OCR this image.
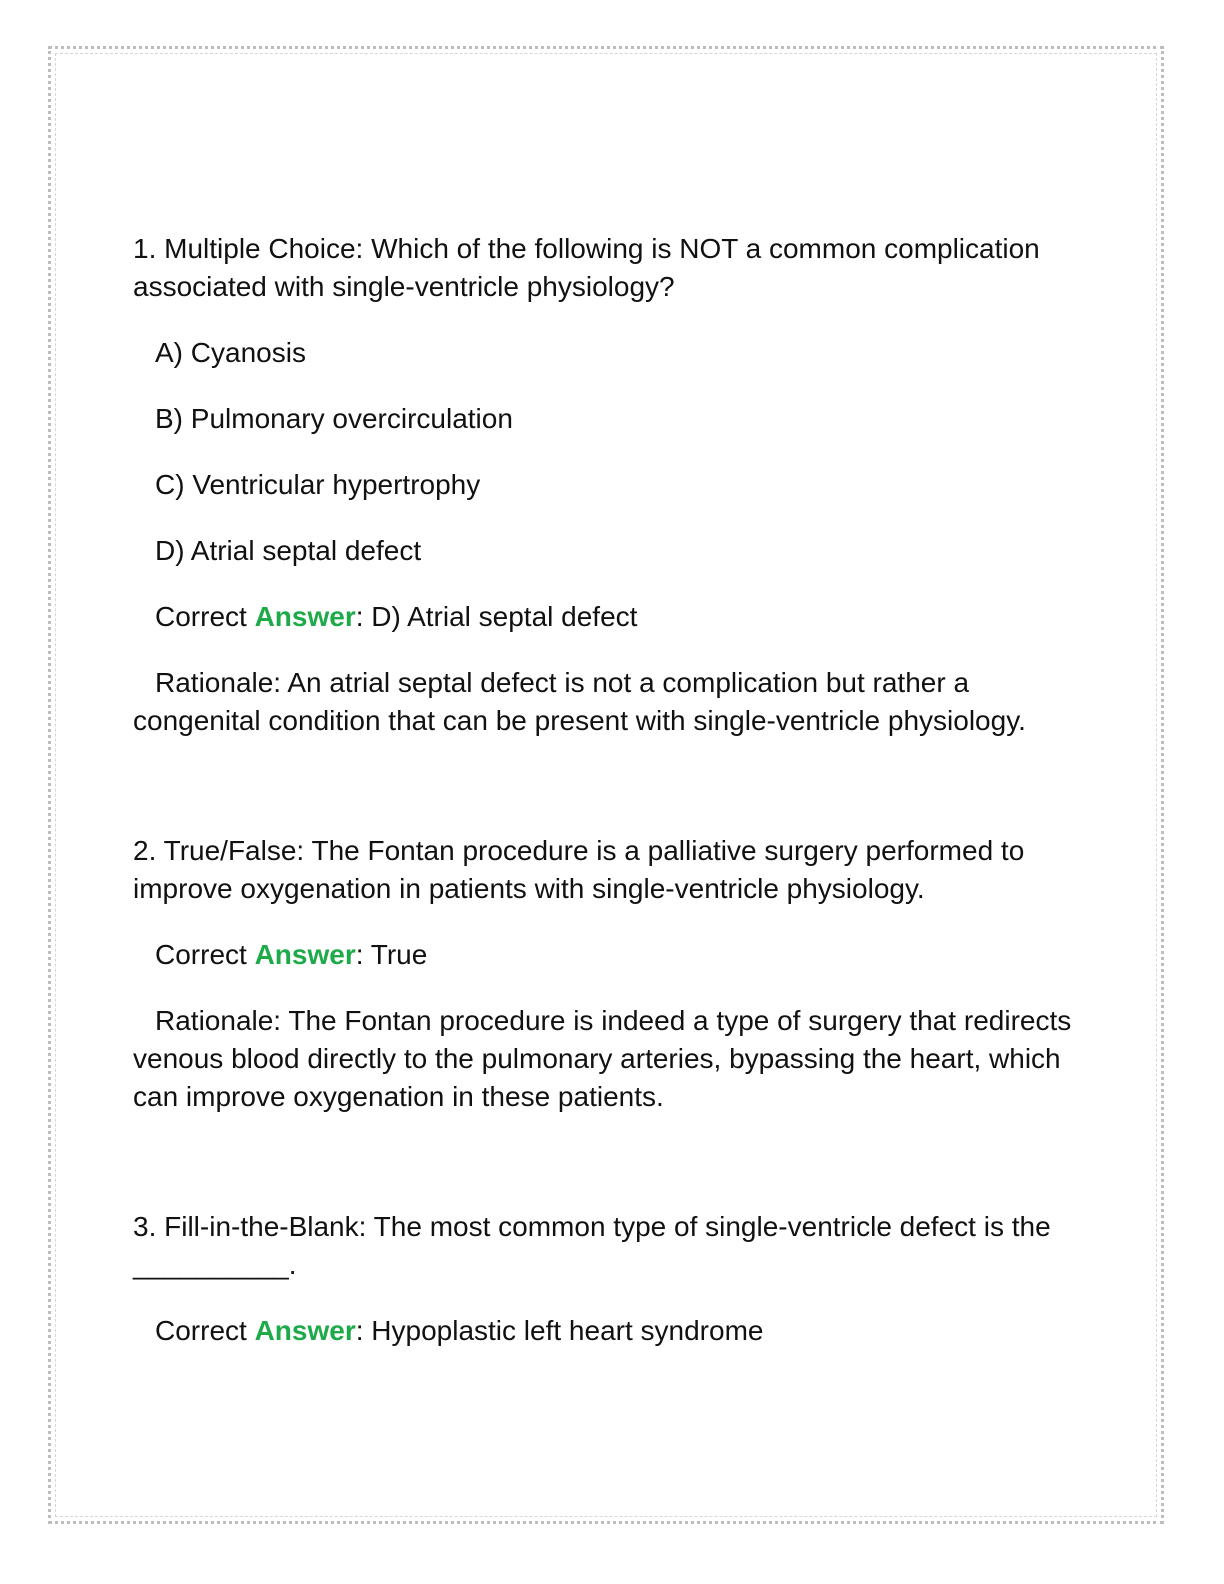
1. Multiple Choice: Which of the following is NOT a common complication associated with single-ventricle physiology?

A) Cyanosis

B) Pulmonary overcirculation

C) Ventricular hypertrophy

D) Atrial septal defect

Correct Answer: D) Atrial septal defect

Rationale: An atrial septal defect is not a complication but rather a congenital condition that can be present with single-ventricle physiology.

2. True/False: The Fontan procedure is a palliative surgery performed to improve oxygenation in patients with single-ventricle physiology.

Correct Answer: True

Rationale: The Fontan procedure is indeed a type of surgery that redirects venous blood directly to the pulmonary arteries, bypassing the heart, which can improve oxygenation in these patients.

3. Fill-in-the-Blank: The most common type of single-ventricle defect is the __________.

Correct Answer: Hypoplastic left heart syndrome
